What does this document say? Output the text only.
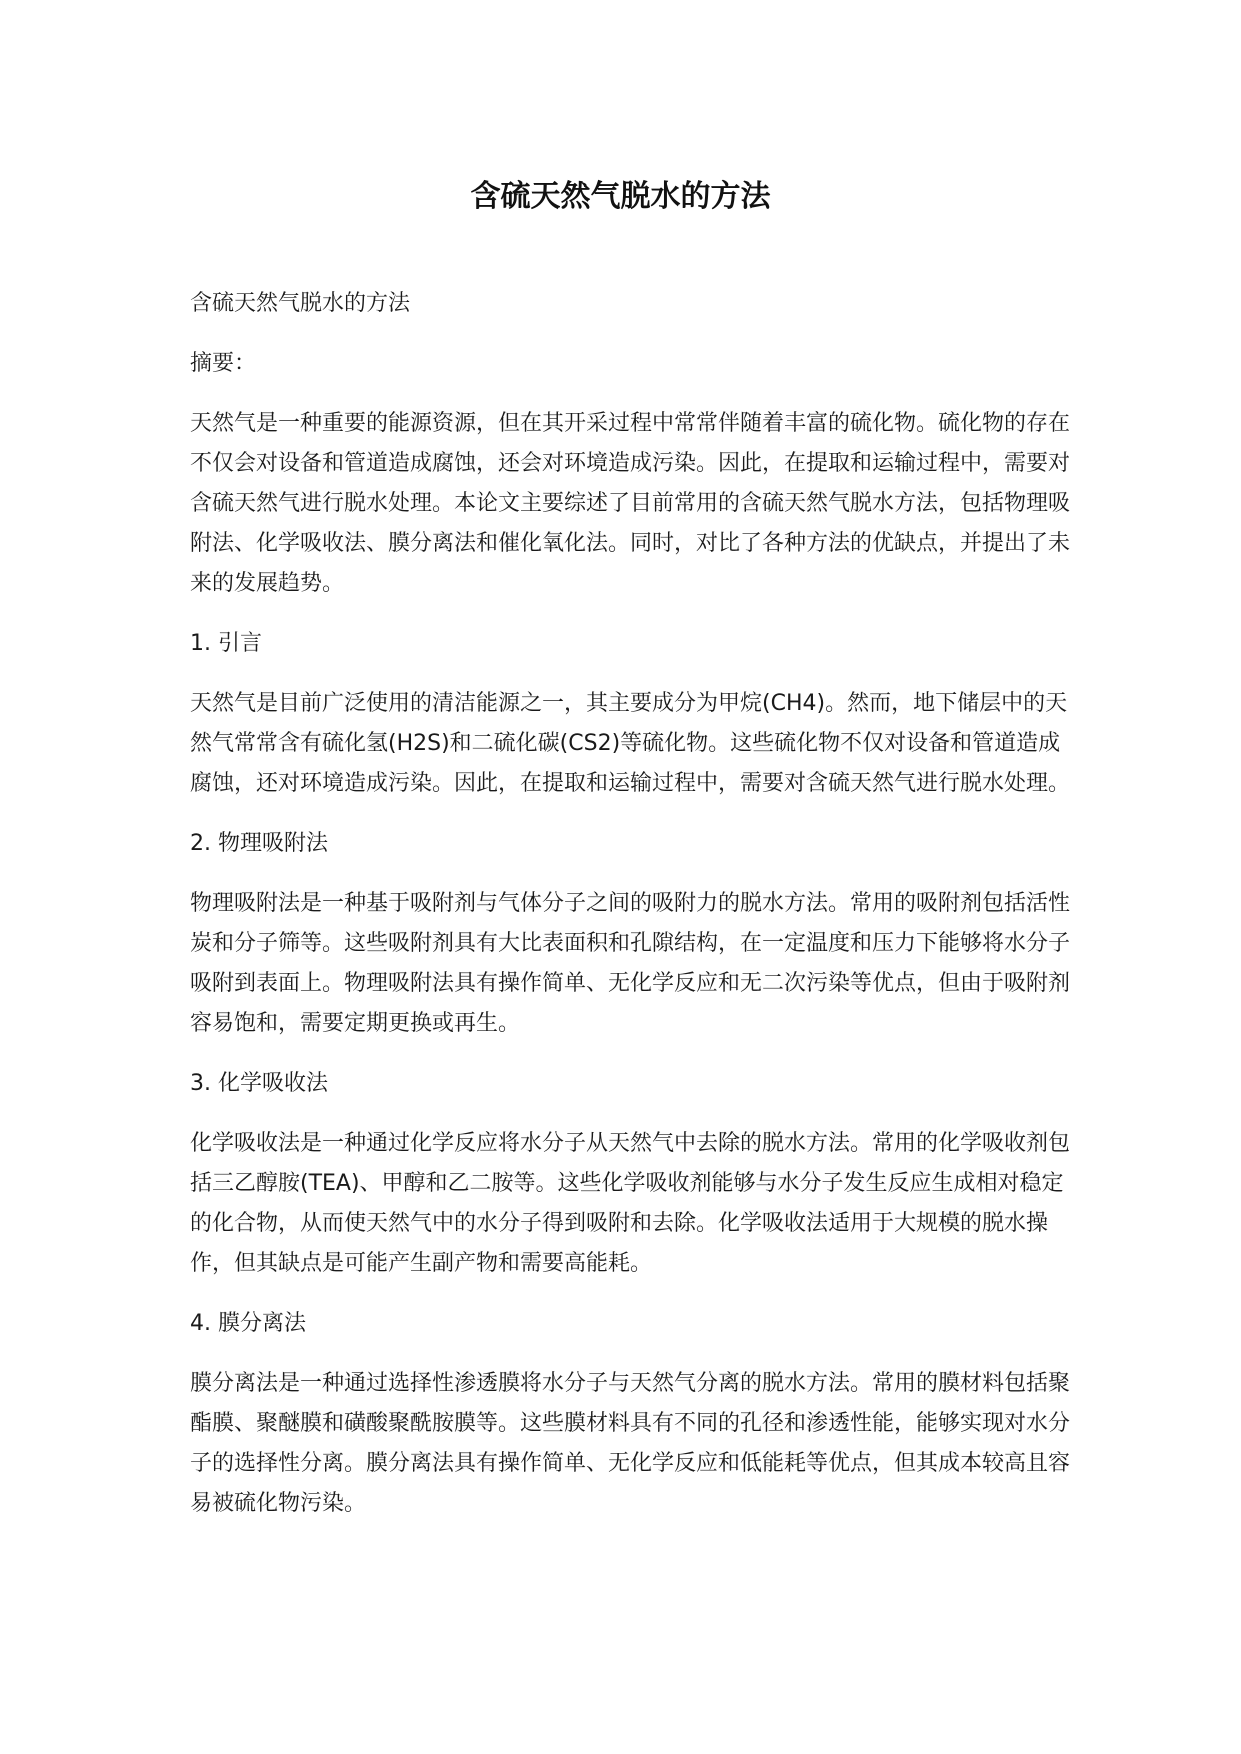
含硫天然气脱水的方法

含硫天然气脱水的方法

摘要：

天然气是一种重要的能源资源，但在其开采过程中常常伴随着丰富的硫化物。硫化物的存在不仅会对设备和管道造成腐蚀，还会对环境造成污染。因此，在提取和运输过程中，需要对含硫天然气进行脱水处理。本论文主要综述了目前常用的含硫天然气脱水方法，包括物理吸附法、化学吸收法、膜分离法和催化氧化法。同时，对比了各种方法的优缺点，并提出了未来的发展趋势。

1. 引言

天然气是目前广泛使用的清洁能源之一，其主要成分为甲烷(CH4)。然而，地下储层中的天然气常常含有硫化氢(H2S)和二硫化碳(CS2)等硫化物。这些硫化物不仅对设备和管道造成腐蚀，还对环境造成污染。因此，在提取和运输过程中，需要对含硫天然气进行脱水处理。

2. 物理吸附法

物理吸附法是一种基于吸附剂与气体分子之间的吸附力的脱水方法。常用的吸附剂包括活性炭和分子筛等。这些吸附剂具有大比表面积和孔隙结构，在一定温度和压力下能够将水分子吸附到表面上。物理吸附法具有操作简单、无化学反应和无二次污染等优点，但由于吸附剂容易饱和，需要定期更换或再生。

3. 化学吸收法

化学吸收法是一种通过化学反应将水分子从天然气中去除的脱水方法。常用的化学吸收剂包括三乙醇胺(TEA)、甲醇和乙二胺等。这些化学吸收剂能够与水分子发生反应生成相对稳定的化合物，从而使天然气中的水分子得到吸附和去除。化学吸收法适用于大规模的脱水操作，但其缺点是可能产生副产物和需要高能耗。

4. 膜分离法

膜分离法是一种通过选择性渗透膜将水分子与天然气分离的脱水方法。常用的膜材料包括聚酯膜、聚醚膜和磺酸聚酰胺膜等。这些膜材料具有不同的孔径和渗透性能，能够实现对水分子的选择性分离。膜分离法具有操作简单、无化学反应和低能耗等优点，但其成本较高且容易被硫化物污染。
